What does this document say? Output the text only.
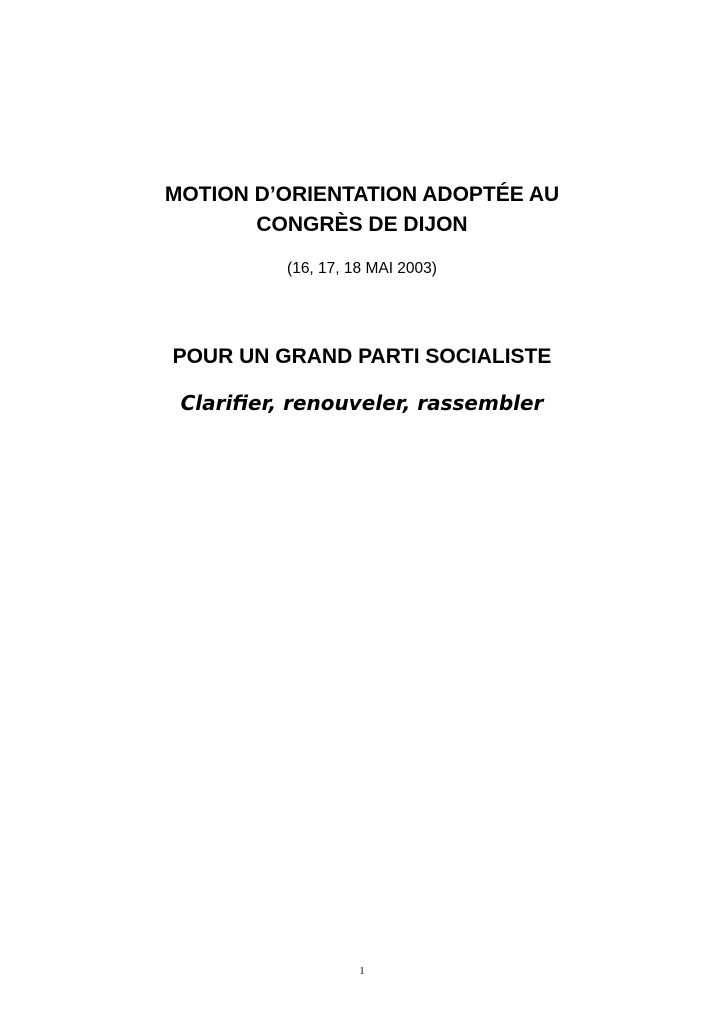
MOTION D’ORIENTATION ADOPTÉE AU
CONGRÈS DE DIJON
(16, 17, 18 MAI 2003)
POUR UN GRAND PARTI SOCIALISTE
Clarifier, renouveler, rassembler
1
